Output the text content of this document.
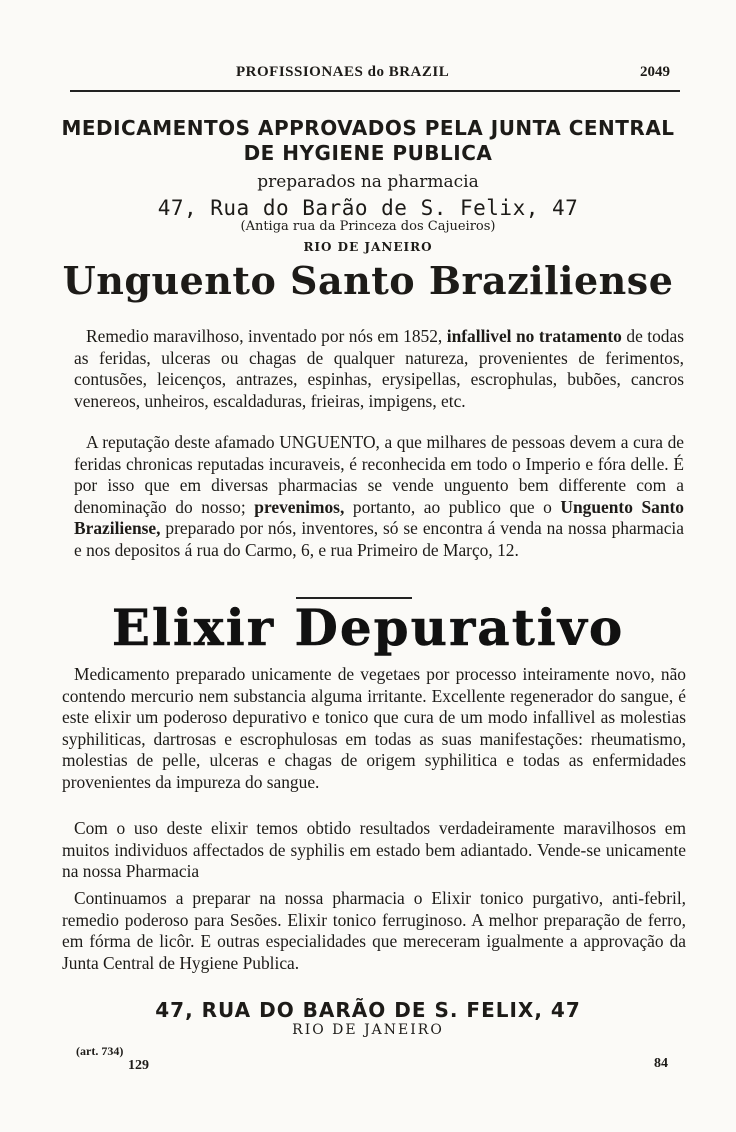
PROFISSIONAES do BRAZIL	2049
MEDICAMENTOS APPROVADOS PELA JUNTA CENTRAL DE HYGIENE PUBLICA
preparados na pharmacia
47, Rua do Barão de S. Felix, 47
(Antiga rua da Princeza dos Cajueiros)
RIO DE JANEIRO
Unguento Santo Braziliense

Remedio maravilhoso, inventado por nós em 1852, infallivel no tratamento de todas as feridas, ulceras ou chagas de qualquer natureza, provenientes de ferimentos, contusões, leicenços, antrazes, espinhas, erysipellas, escrophulas, bubões, cancros venereos, unheiros, escaldaduras, frieiras, impigens, etc.

A reputação deste afamado UNGUENTO, a que milhares de pessoas devem a cura de feridas chronicas reputadas incuraveis, é reconhecida em todo o Imperio e fóra delle. É por isso que em diversas pharmacias se vende unguento bem differente com a denominação do nosso; prevenimos, portanto, ao publico que o Unguento Santo Braziliense, preparado por nós, inventores, só se encontra á venda na nossa pharmacia e nos depositos á rua do Carmo, 6, e rua Primeiro de Março, 12.

Elixir Depurativo

Medicamento preparado unicamente de vegetaes por processo inteiramente novo, não contendo mercurio nem substancia alguma irritante. Excellente regenerador do sangue, é este elixir um poderoso depurativo e tonico que cura de um modo infallivel as molestias syphiliticas, dartrosas e escrophulosas em todas as suas manifestações: rheumatismo, molestias de pelle, ulceras e chagas de origem syphilitica e todas as enfermidades provenientes da impureza do sangue.

Com o uso deste elixir temos obtido resultados verdadeiramente maravilhosos em muitos individuos affectados de syphilis em estado bem adiantado. Vende-se unicamente na nossa Pharmacia

Continuamos a preparar na nossa pharmacia o Elixir tonico purgativo, anti-febril, remedio poderoso para Sesões. Elixir tonico ferruginoso. A melhor preparação de ferro, em fórma de licôr. E outras especialidades que mereceram igualmente a approvação da Junta Central de Hygiene Publica.

47, RUA DO BARÃO DE S. FELIX, 47
RIO DE JANEIRO
(art. 734)
129	84
